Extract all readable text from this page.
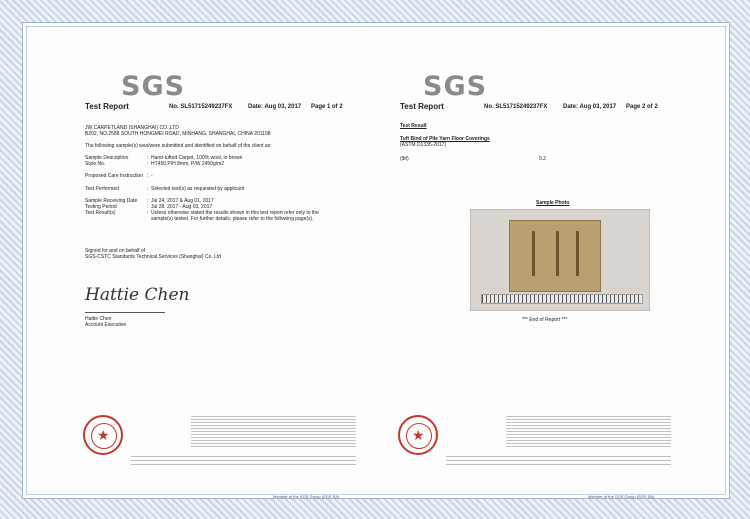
SGS
Test Report	No. SL51715249237FX	Date: Aug 03, 2017 Page 1 of 2
JW CARPETLAND (SHANGHAI) CO.,LTD
B202, NO.2588 SOUTH HONGMEI ROAD, MINHANG, SHANGHAI, CHINA 201108
The following sample(s) was/were submitted and identified on behalf of the client as:
Sample Description	: Hand-tufted Carpet, 100% wool, in brown
Style No.	: HT450,P/H 8mm, P/W 2450g/m2
Proposed Care Instruction : -
Test Performed	: Selected test(s) as requested by applicant
Sample Receiving Date : Jul 24, 2017 & Aug 01, 2017
Testing Period	: Jul 28, 2017 - Aug 03, 2017
Test Result(s)	: Unless otherwise stated the results shown in this test report refer only to the
sample(s) tested. For further details, please refer to the following page(s).
Signed for and on behalf of
SGS-CSTC Standards Technical Services (Shanghai) Co. Ltd
Hattie Chen
Hattie Chen
Account Executive
★
Member of the SGS Group (SGS SA)
SGS
Test Report	No. SL51715249237FX	Date: Aug 03, 2017 Page 2 of 2
Test Result
Tuft Bind of Pile Yarn Floor Coverings
(ASTM D1335-2017)
(lbf)	9.2
Sample Photo
*** End of Report ***
★
Member of the SGS Group (SGS SA)
